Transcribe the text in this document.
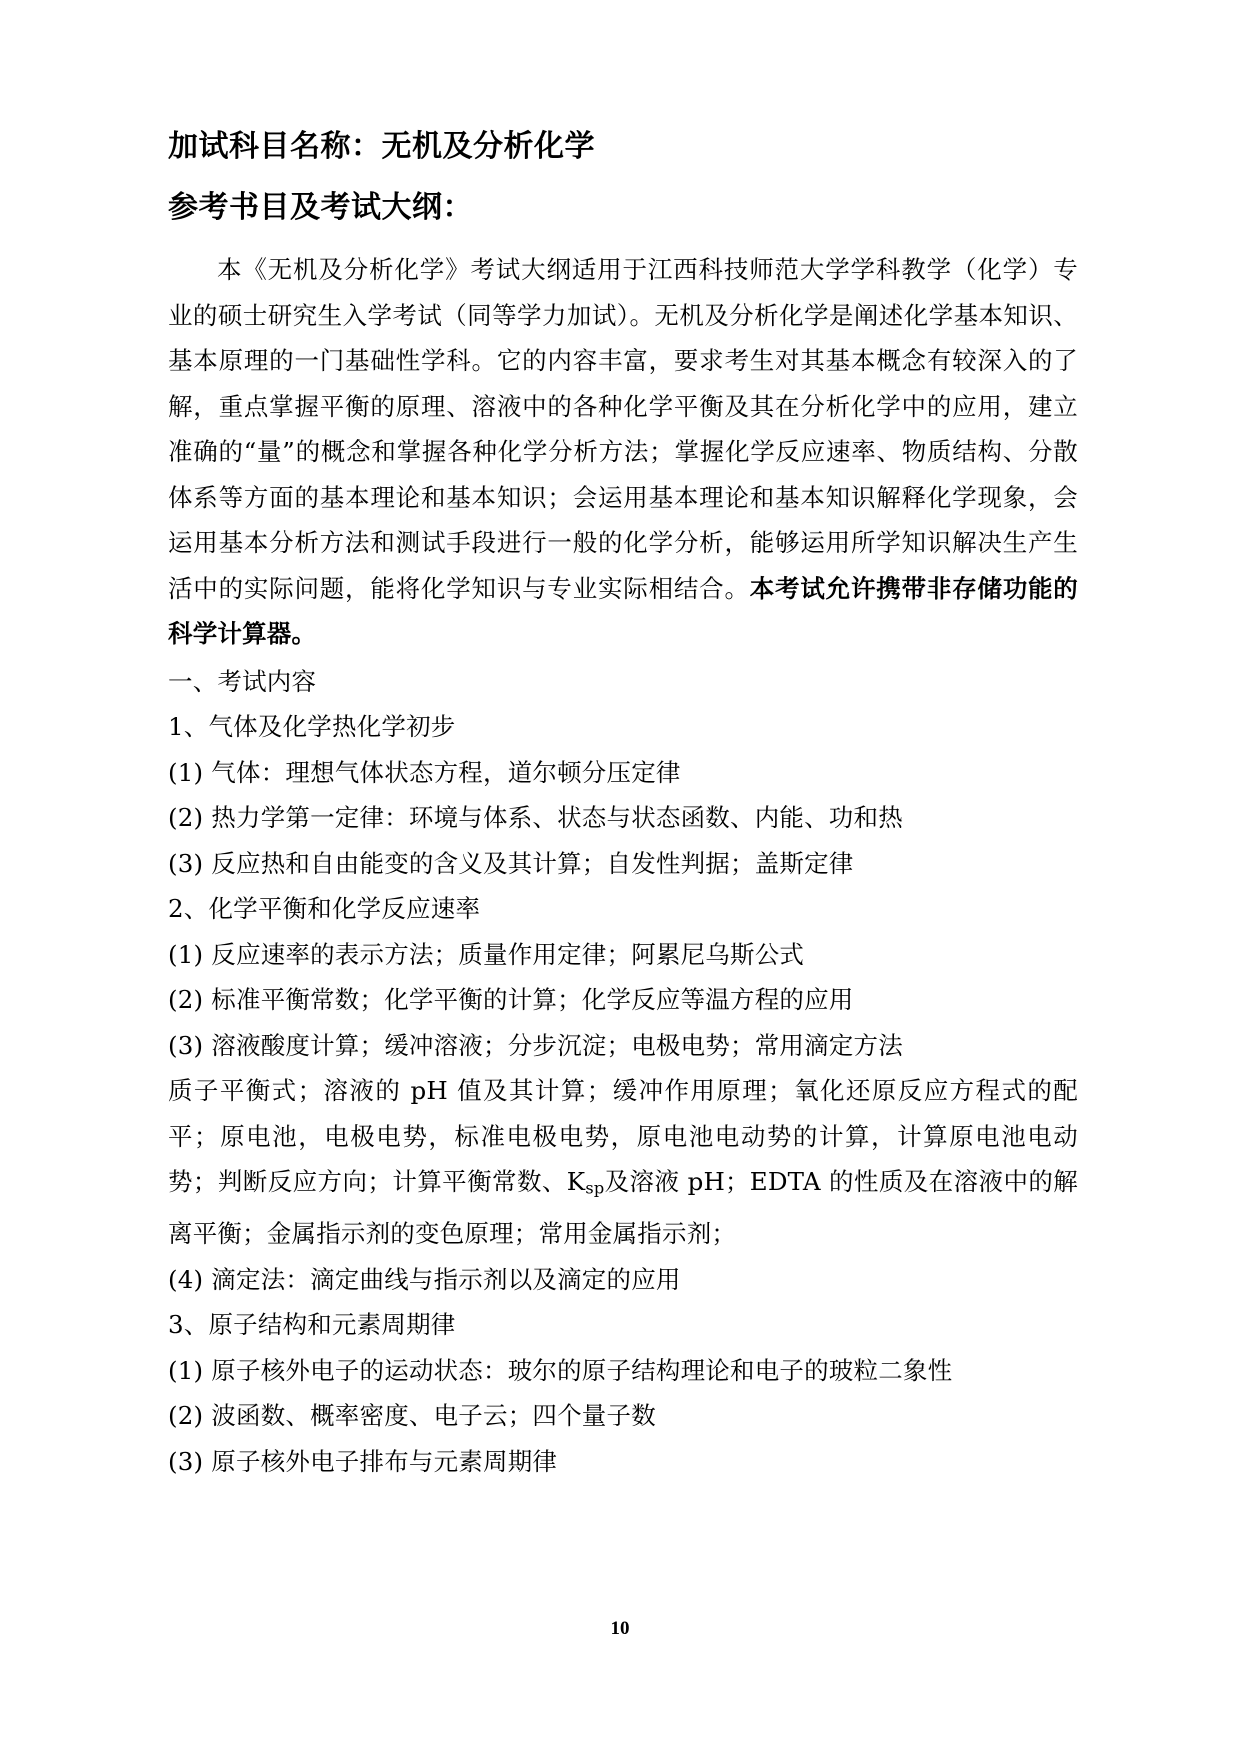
加试科目名称：无机及分析化学
参考书目及考试大纲：

本《无机及分析化学》考试大纲适用于江西科技师范大学学科教学（化学）专业的硕士研究生入学考试（同等学力加试）。无机及分析化学是阐述化学基本知识、基本原理的一门基础性学科。它的内容丰富，要求考生对其基本概念有较深入的了解，重点掌握平衡的原理、溶液中的各种化学平衡及其在分析化学中的应用，建立准确的“量”的概念和掌握各种化学分析方法；掌握化学反应速率、物质结构、分散体系等方面的基本理论和基本知识；会运用基本理论和基本知识解释化学现象，会运用基本分析方法和测试手段进行一般的化学分析，能够运用所学知识解决生产生活中的实际问题，能将化学知识与专业实际相结合。本考试允许携带非存储功能的科学计算器。

一、考试内容

1、气体及化学热化学初步

(1) 气体：理想气体状态方程，道尔顿分压定律

(2) 热力学第一定律：环境与体系、状态与状态函数、内能、功和热

(3) 反应热和自由能变的含义及其计算；自发性判据；盖斯定律

2、化学平衡和化学反应速率

(1) 反应速率的表示方法；质量作用定律；阿累尼乌斯公式

(2) 标准平衡常数；化学平衡的计算；化学反应等温方程的应用

(3) 溶液酸度计算；缓冲溶液；分步沉淀；电极电势；常用滴定方法

质子平衡式；溶液的 pH 值及其计算；缓冲作用原理；氧化还原反应方程式的配平；原电池，电极电势，标准电极电势，原电池电动势的计算，计算原电池电动势；判断反应方向；计算平衡常数、$K_{sp}$及溶液 pH；EDTA 的性质及在溶液中的解离平衡；金属指示剂的变色原理；常用金属指示剂；

(4) 滴定法：滴定曲线与指示剂以及滴定的应用

3、原子结构和元素周期律

(1) 原子核外电子的运动状态：玻尔的原子结构理论和电子的玻粒二象性

(2) 波函数、概率密度、电子云；四个量子数

(3) 原子核外电子排布与元素周期律

10
